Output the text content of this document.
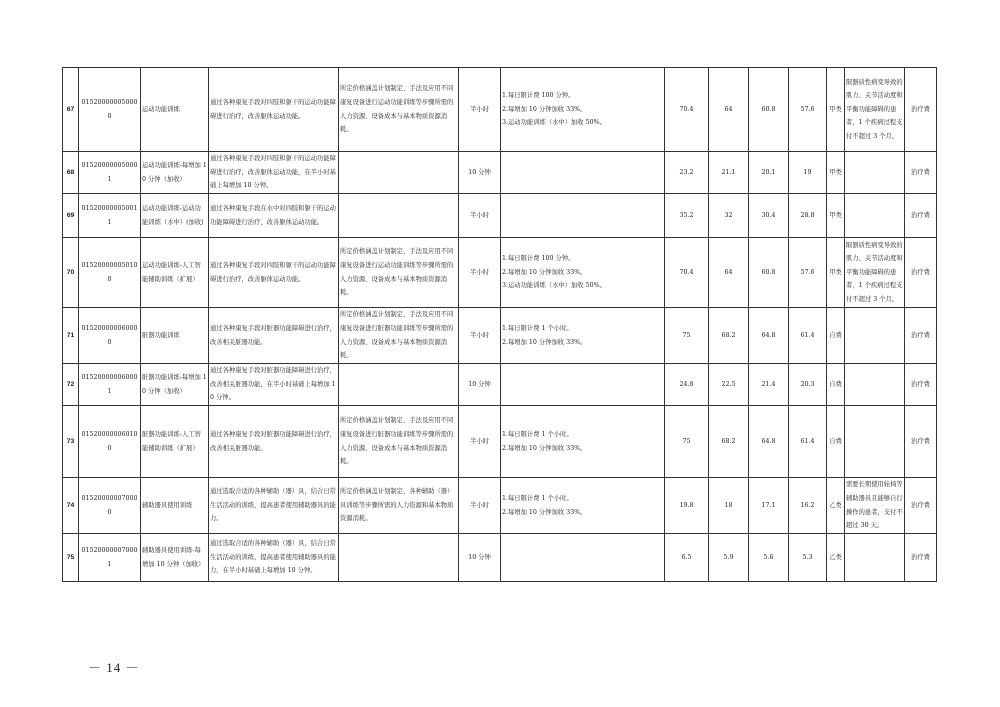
67	015200000050000	运动功能训练	通过各种康复手段对四肢和躯干的运动功能障碍进行治疗，改善躯体运动功能。	所定价格涵盖计划制定、手法及应用不同康复设备进行运动功能训练等步骤所需的人力资源、设备成本与基本物质资源消耗。	半小时	1.每日限计费 100 分钟。
2.每增加 10 分钟加收 33%。
3.运动功能训练（水中）加收 50%。	70.4	64	60.8	57.6	甲类	限器质性病变导致的肌力、关节活动度和平衡功能障碍的患者，1 个疾病过程支付不超过 3 个月。	治疗费
68	015200000050001	运动功能训练-每增加 10 分钟（加收）	通过各种康复手段对四肢和躯干的运动功能障碍进行治疗，改善躯体运动功能，在半小时基础上每增加 10 分钟。		10 分钟		23.2	21.1	20.1	19	甲类		治疗费
69	015200000050011	运动功能训练-运动功能训练（水中）(加收)	通过各种康复手段在水中对四肢和躯干的运动功能障碍进行治疗，改善躯体运动功能。		半小时		35.2	32	30.4	28.8	甲类		治疗费
70	015200000050100	运动功能训练-人工智能辅助训练（扩展）	通过各种康复手段对四肢和躯干的运动功能障碍进行治疗，改善躯体运动功能。	所定价格涵盖计划制定、手法及应用不同康复设备进行运动功能训练等步骤所需的人力资源、设备成本与基本物质资源消耗。	半小时	1.每日限计费 100 分钟。
2.每增加 10 分钟加收 33%。
3.运动功能训练（水中）加收 50%。	70.4	64	60.8	57.6	甲类	限器质性病变导致的肌力、关节活动度和平衡功能障碍的患者，1 个疾病过程支付不超过 3 个月。	治疗费
71	015200000060000	脏器功能训练	通过各种康复手段对脏器功能障碍进行治疗，改善相关脏器功能。	所定价格涵盖计划制定、手法及应用不同康复设备进行脏器功能训练等步骤所需的人力资源、设备成本与基本物质资源消耗。	半小时	1.每日限计费 1 个小时。
2.每增加 10 分钟加收 33%。	75	68.2	64.8	61.4	自费		治疗费
72	015200000060001	脏器功能训练-每增加 10 分钟（加收）	通过各种康复手段对脏器功能障碍进行治疗，改善相关脏器功能，在半小时基础上每增加 10 分钟。		10 分钟		24.8	22.5	21.4	20.3	自费		治疗费
73	015200000060100	脏器功能训练-人工智能辅助训练（扩展）	通过各种康复手段对脏器功能障碍进行治疗，改善相关脏器功能。	所定价格涵盖计划制定、手法及应用不同康复设备进行脏器功能训练等步骤所需的人力资源、设备成本与基本物质资源消耗。	半小时	1.每日限计费 1 个小时。
2.每增加 10 分钟加收 33%。	75	68.2	64.8	61.4	自费		治疗费
74	015200000070000	辅助器具使用训练	通过选取合适的各种辅助（器）具，结合日常生活活动的训练，提高患者使用辅助器具的能力。	所定价格涵盖计划制定、各种辅助（器）具训练等步骤所需的人力资源和基本物质资源消耗。	半小时	1.每日限计费 1 个小时。
2.每增加 10 分钟加收 33%。	19.8	18	17.1	16.2	乙类	需要长期使用轮椅等辅助器具且能够自行操作的患者，支付不超过 30 天。	治疗费
75	015200000070001	辅助器具使用训练-每增加 10 分钟（加收）	通过选取合适的各种辅助（器）具，结合日常生活活动的训练，提高患者使用辅助器具的能力，在半小时基础上每增加 10 分钟。		10 分钟		6.5	5.9	5.6	5.3	乙类		治疗费
－ 14 －
